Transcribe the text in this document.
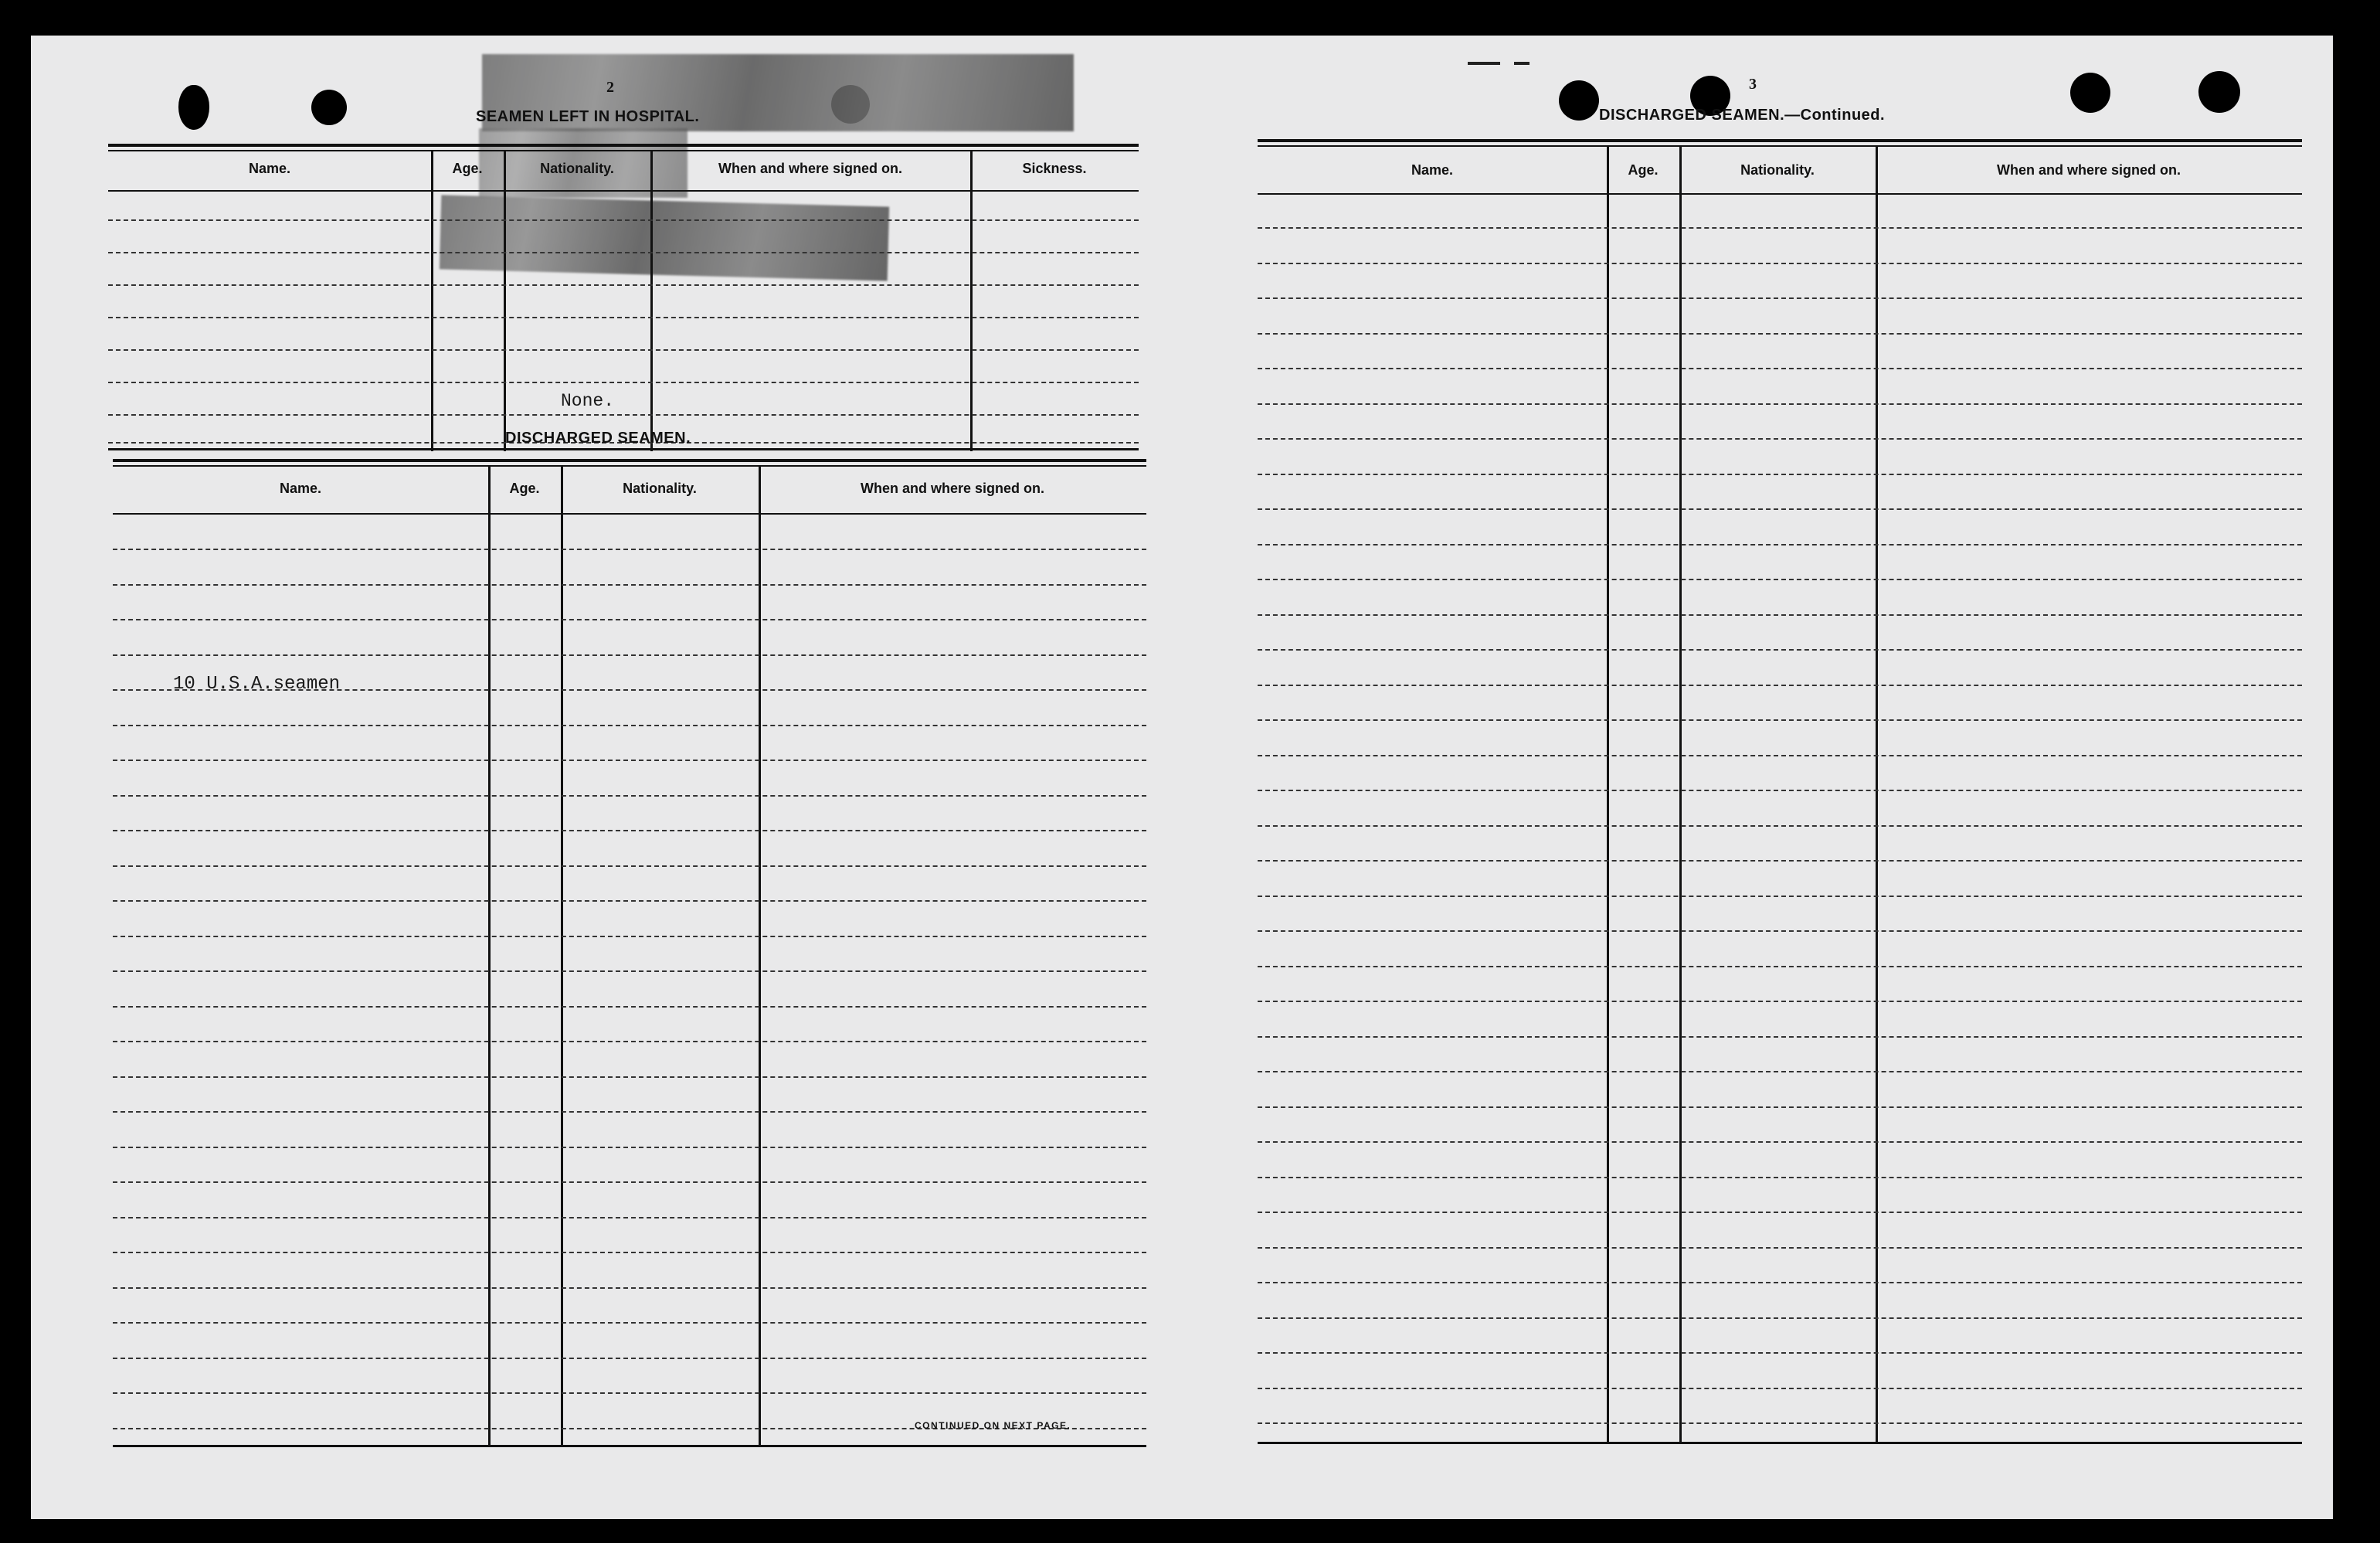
2
SEAMEN LEFT IN HOSPITAL.
Name.	Age.	Nationality.	When and where signed on.	Sickness.
None.
DISCHARGED SEAMEN.
Name.	Age.	Nationality.	When and where signed on.
10 U.S.A.seamen
CONTINUED ON NEXT PAGE.
3
DISCHARGED SEAMEN.—Continued.
Name.	Age.	Nationality.	When and where signed on.
